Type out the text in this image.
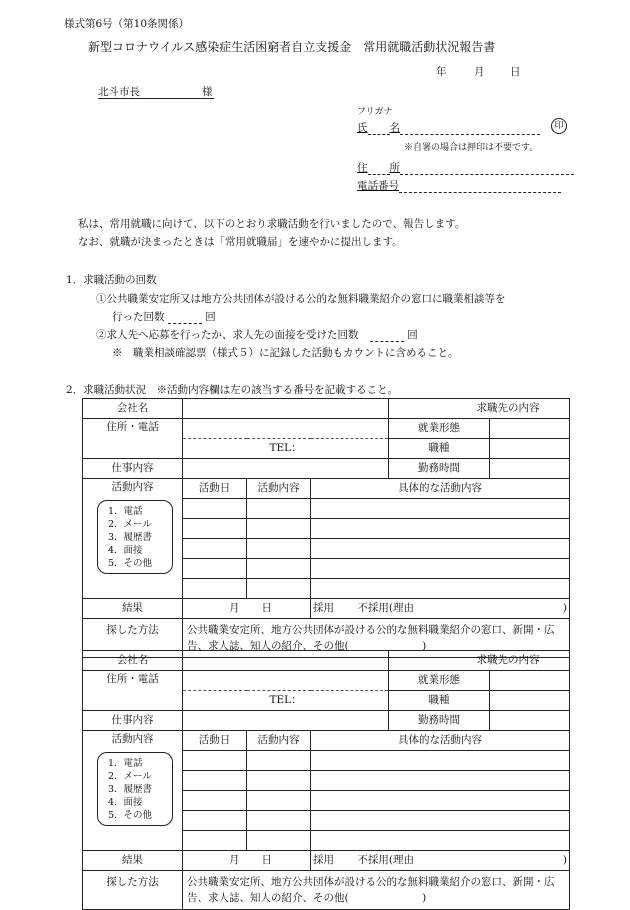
様式第6号（第10条関係）
新型コロナウイルス感染症生活困窮者自立支援金　常用就職活動状況報告書
年	月 日
北斗市長	様
フリガナ
氏 名	印
※自署の場合は押印は不要です。
住 所
電話番号
私は、常用就職に向けて、以下のとおり求職活動を行いましたので、報告します。
なお、就職が決まったときは「常用就職届」を速やかに提出します。
1．求職活動の回数
①公共職業安定所又は地方公共団体が設ける公的な無料職業紹介の窓口に職業相談等を
行った回数	回
②求人先へ応募を行ったか、求人先の面接を受けた回数	回
※　職業相談確認票（様式５）に記録した活動もカウントに含めること。
2．求職活動状況　※活動内容欄は左の該当する番号を記載すること。
会社名				求職先の内容	
住所・電話				就業形態	
	TEL：			職種	
仕事内容				勤務時間	
活動内容	活動日	活動内容	具体的な活動内容		

結果	月 日		採用 不採用(理由 )		

探した方法	公共職業安定所、地方公共団体が設ける公的な無料職業紹介の窓口、新開・広告、求人誌、知人の紹介、その他(　　　　　　　)				
1．電話
2．メール
3．履歴書
4．面接
5．その他
会社名				求職先の内容	
住所・電話				就業形態	
	TEL：			職種	
仕事内容				勤務時間	
活動内容	活動日	活動内容	具体的な活動内容		

結果	月 日		採用 不採用(理由 )		

探した方法	公共職業安定所、地方公共団体が設ける公的な無料職業紹介の窓口、新開・広告、求人誌、知人の紹介、その他(　　　　　　　)				
1．電話
2．メール
3．履歴書
4．面接
5．その他
